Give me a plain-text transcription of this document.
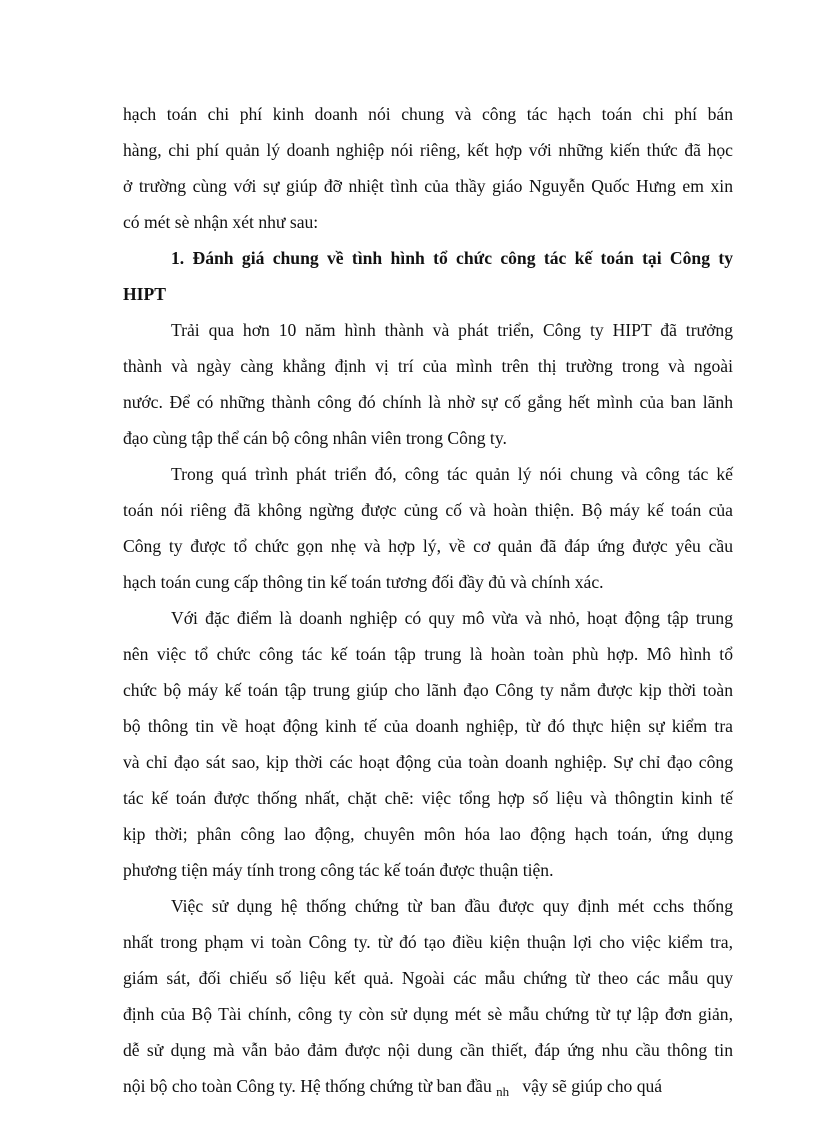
hạch toán chi phí kinh doanh nói chung và công tác hạch toán chi phí bán
hàng, chi phí quản lý doanh nghiệp nói riêng, kết hợp với những kiến thức đã học
ở trường cùng với sự giúp đỡ nhiệt tình của thầy giáo Nguyễn Quốc Hưng em xin
có mét sè nhận xét như sau:
1. Đánh giá chung về tình hình tổ chức công tác kế toán tại Công ty
HIPT
Trải qua hơn 10 năm hình thành và phát triển, Công ty HIPT đã trưởng
thành và ngày càng khẳng định vị trí của mình trên thị trường trong và ngoài
nước. Để có những thành công đó chính là nhờ sự cố gắng hết mình của ban lãnh
đạo cùng tập thể cán bộ công nhân viên trong Công ty.
Trong quá trình phát triển đó, công tác quản lý nói chung và công tác kế
toán nói riêng đã không ngừng được củng cố và hoàn thiện. Bộ máy kế toán của
Công ty được tổ chức gọn nhẹ và hợp lý, về cơ quản đã đáp ứng được yêu cầu
hạch toán cung cấp thông tin kế toán tương đối đầy đủ và chính xác.
Với đặc điểm là doanh nghiệp có quy mô vừa và nhỏ, hoạt động tập trung
nên việc tổ chức công tác kế toán tập trung là hoàn toàn phù hợp. Mô hình tổ
chức bộ máy kế toán tập trung giúp cho lãnh đạo Công ty nắm được kịp thời toàn
bộ thông tin về hoạt động kinh tế của doanh nghiệp, từ đó thực hiện sự kiểm tra
và chỉ đạo sát sao, kịp thời các hoạt động của toàn doanh nghiệp. Sự chỉ đạo công
tác kế toán được thống nhất, chặt chẽ: việc tổng hợp số liệu và thôngtin kinh tế
kịp thời; phân công lao động, chuyên môn hóa lao động hạch toán, ứng dụng
phương tiện máy tính trong công tác kế toán được thuận tiện.
Việc sử dụng hệ thống chứng từ ban đầu được quy định mét cchs thống
nhất trong phạm vi toàn Công ty. từ đó tạo điều kiện thuận lợi cho việc kiểm tra,
giám sát, đối chiếu số liệu kết quả. Ngoài các mẫu chứng từ theo các mẫu quy
định của Bộ Tài chính, công ty còn sử dụng mét sè mẫu chứng từ tự lập đơn giản,
dễ sử dụng mà vẫn bảo đảm được nội dung cần thiết, đáp ứng nhu cầu thông tin
nội bộ cho toàn Công ty. Hệ thống chứng từ ban đầu $_{nh}$   vậy sẽ giúp cho quá
